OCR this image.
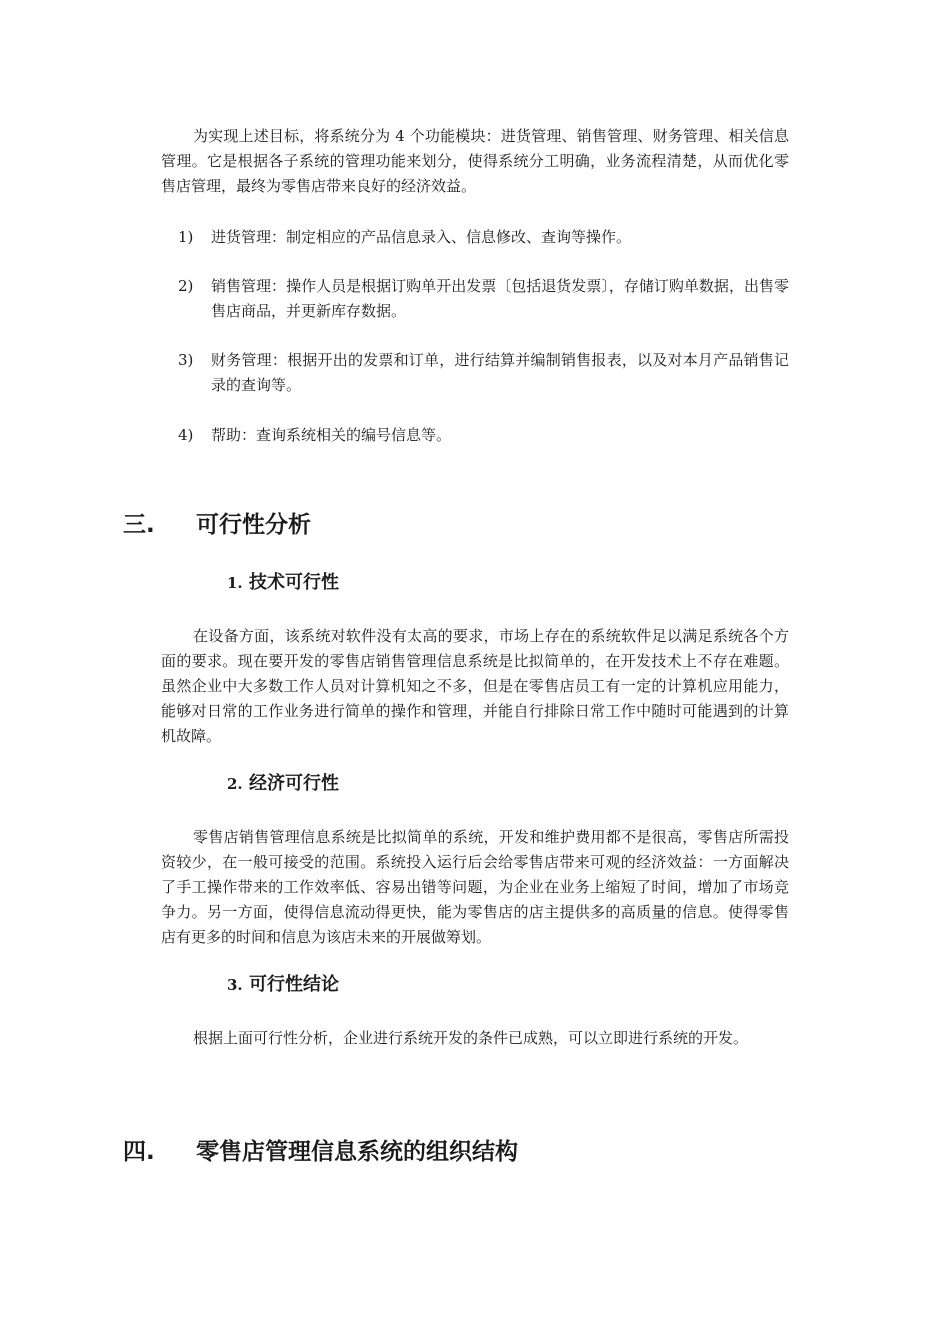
为实现上述目标，将系统分为 4 个功能模块：进货管理、销售管理、财务管理、相关信息管理。它是根据各子系统的管理功能来划分，使得系统分工明确，业务流程清楚，从而优化零售店管理，最终为零售店带来良好的经济效益。

1)	进货管理：制定相应的产品信息录入、信息修改、查询等操作。
2)	销售管理：操作人员是根据订购单开出发票〔包括退货发票〕，存储订购单数据，出售零售店商品，并更新库存数据。
3)	财务管理：根据开出的发票和订单，进行结算并编制销售报表，以及对本月产品销售记录的查询等。
4)	帮助：查询系统相关的编号信息等。
三. 可行性分析
1. 技术可行性

在设备方面，该系统对软件没有太高的要求，市场上存在的系统软件足以满足系统各个方面的要求。现在要开发的零售店销售管理信息系统是比拟简单的，在开发技术上不存在难题。虽然企业中大多数工作人员对计算机知之不多，但是在零售店员工有一定的计算机应用能力，能够对日常的工作业务进行简单的操作和管理，并能自行排除日常工作中随时可能遇到的计算机故障。

2. 经济可行性

零售店销售管理信息系统是比拟简单的系统，开发和维护费用都不是很高，零售店所需投资较少，在一般可接受的范围。系统投入运行后会给零售店带来可观的经济效益：一方面解决了手工操作带来的工作效率低、容易出错等问题，为企业在业务上缩短了时间，增加了市场竞争力。另一方面，使得信息流动得更快，能为零售店的店主提供多的高质量的信息。使得零售店有更多的时间和信息为该店未来的开展做筹划。

3. 可行性结论

根据上面可行性分析，企业进行系统开发的条件已成熟，可以立即进行系统的开发。

四. 零售店管理信息系统的组织结构
